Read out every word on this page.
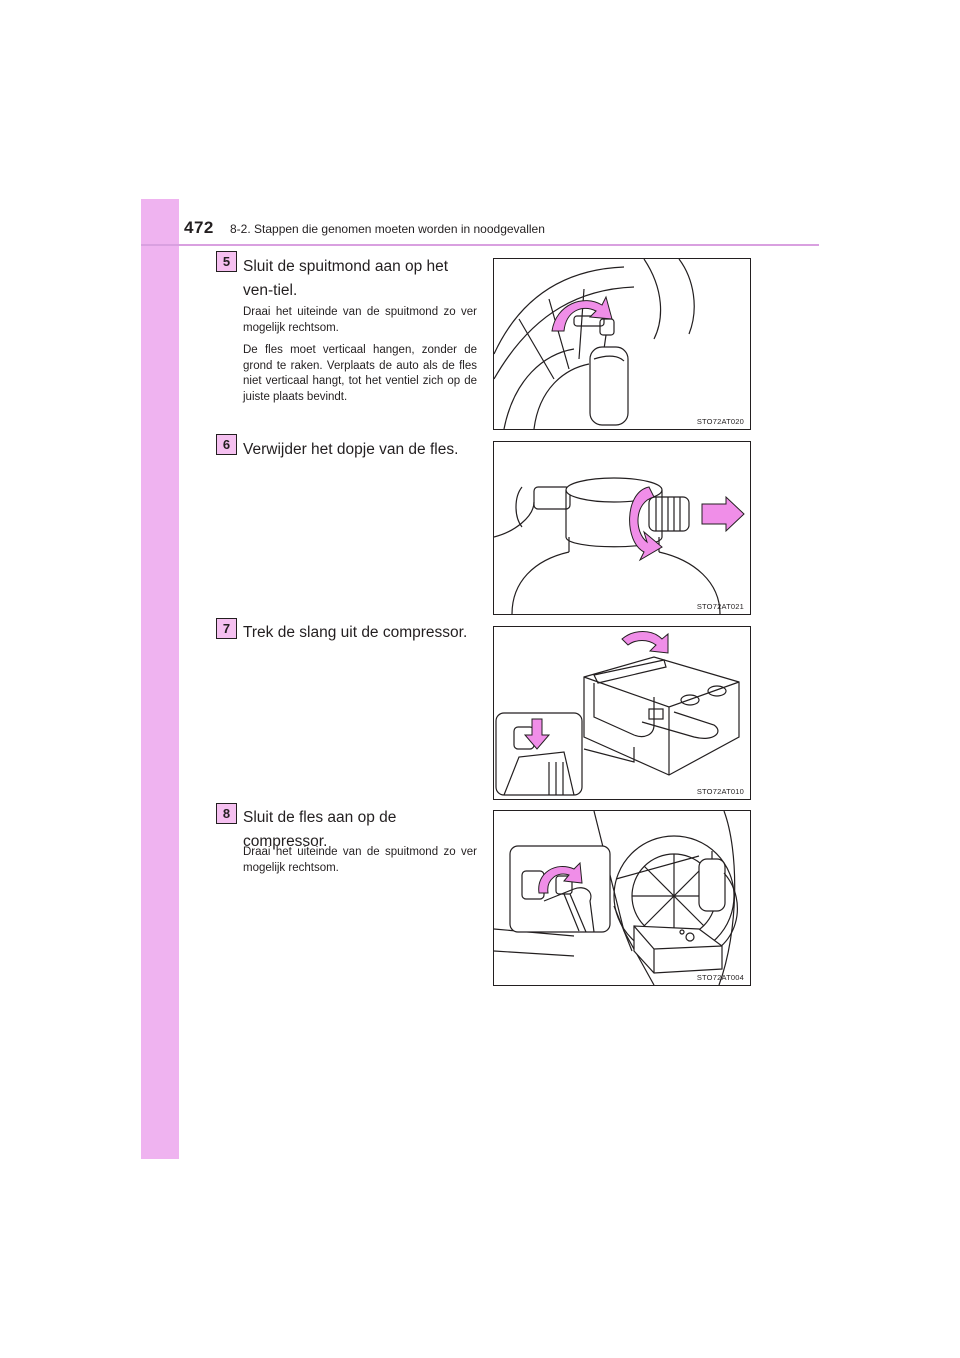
472 8-2. Stappen die genomen moeten worden in noodgevallen
5 Sluit de spuitmond aan op het ven-tiel.

Draai het uiteinde van de spuitmond zo ver mogelijk rechtsom.

De fles moet verticaal hangen, zonder de grond te raken. Verplaats de auto als de fles niet verticaal hangt, tot het ventiel zich op de juiste plaats bevindt.

STO72AT020
6 Verwijder het dopje van de fles.
STO72AT021
7 Trek de slang uit de compressor.
STO72AT010
8 Sluit de fles aan op de compressor.

Draai het uiteinde van de spuitmond zo ver mogelijk rechtsom.

STO72AT004
